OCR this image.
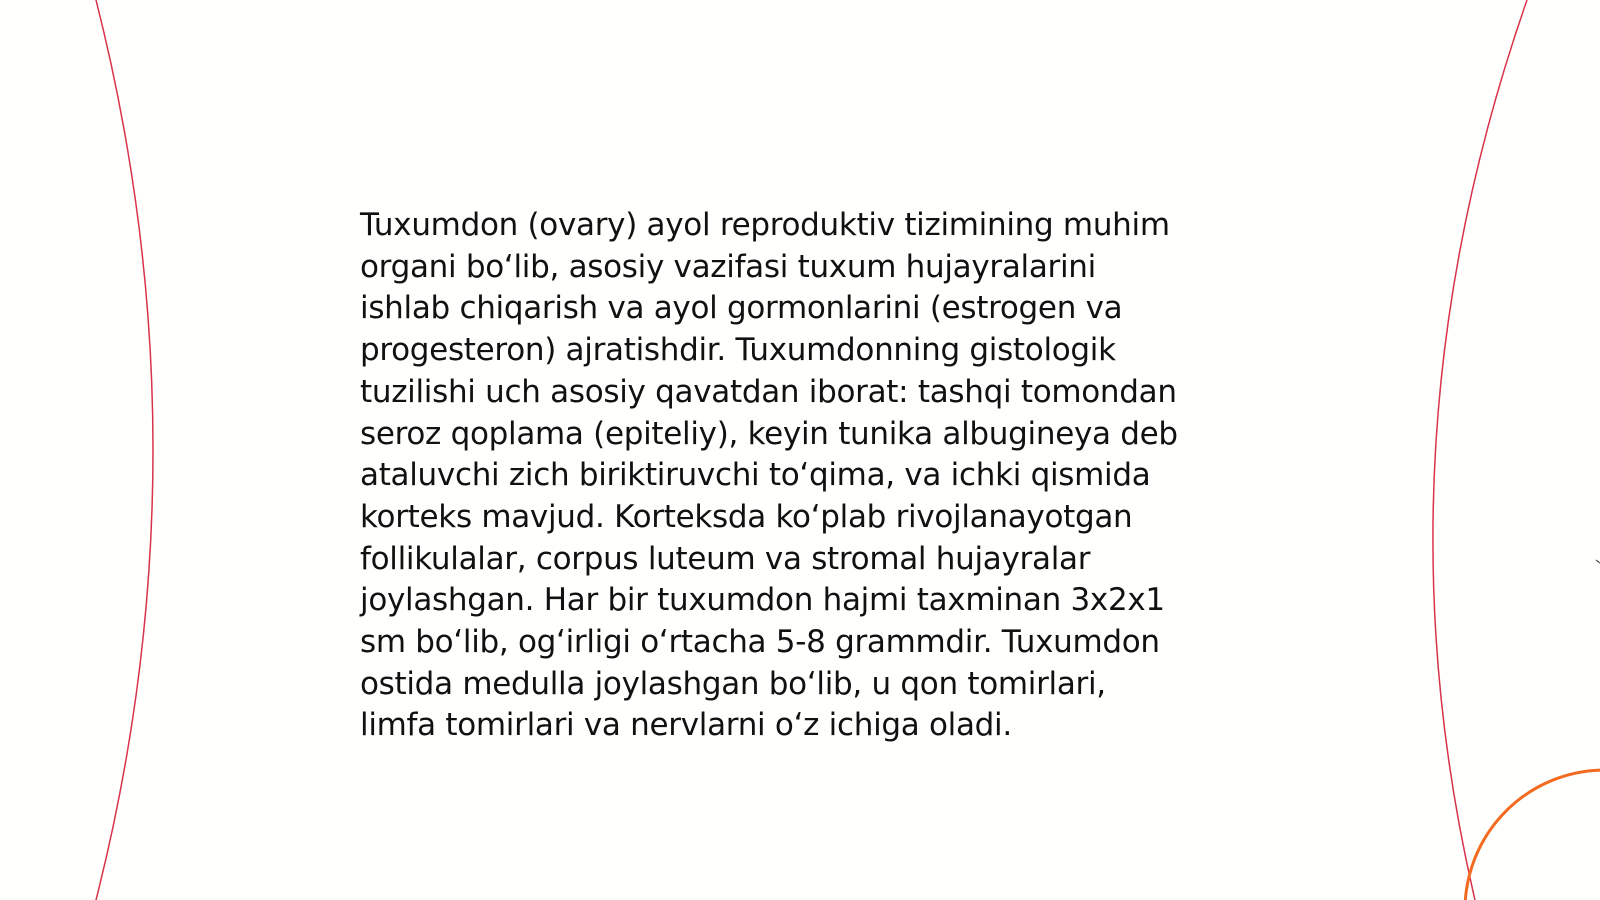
Tuxumdon (ovary) ayol reproduktiv tizimining muhim
organi bo‘lib, asosiy vazifasi tuxum hujayralarini
ishlab chiqarish va ayol gormonlarini (estrogen va
progesteron) ajratishdir. Tuxumdonning gistologik
tuzilishi uch asosiy qavatdan iborat: tashqi tomondan
seroz qoplama (epiteliy), keyin tunika albugineya deb
ataluvchi zich biriktiruvchi to‘qima, va ichki qismida
korteks mavjud. Korteksda ko‘plab rivojlanayotgan
follikulalar, corpus luteum va stromal hujayralar
joylashgan. Har bir tuxumdon hajmi taxminan 3x2x1
sm bo‘lib, og‘irligi o‘rtacha 5-8 grammdir. Tuxumdon
ostida medulla joylashgan bo‘lib, u qon tomirlari,
limfa tomirlari va nervlarni o‘z ichiga oladi.
